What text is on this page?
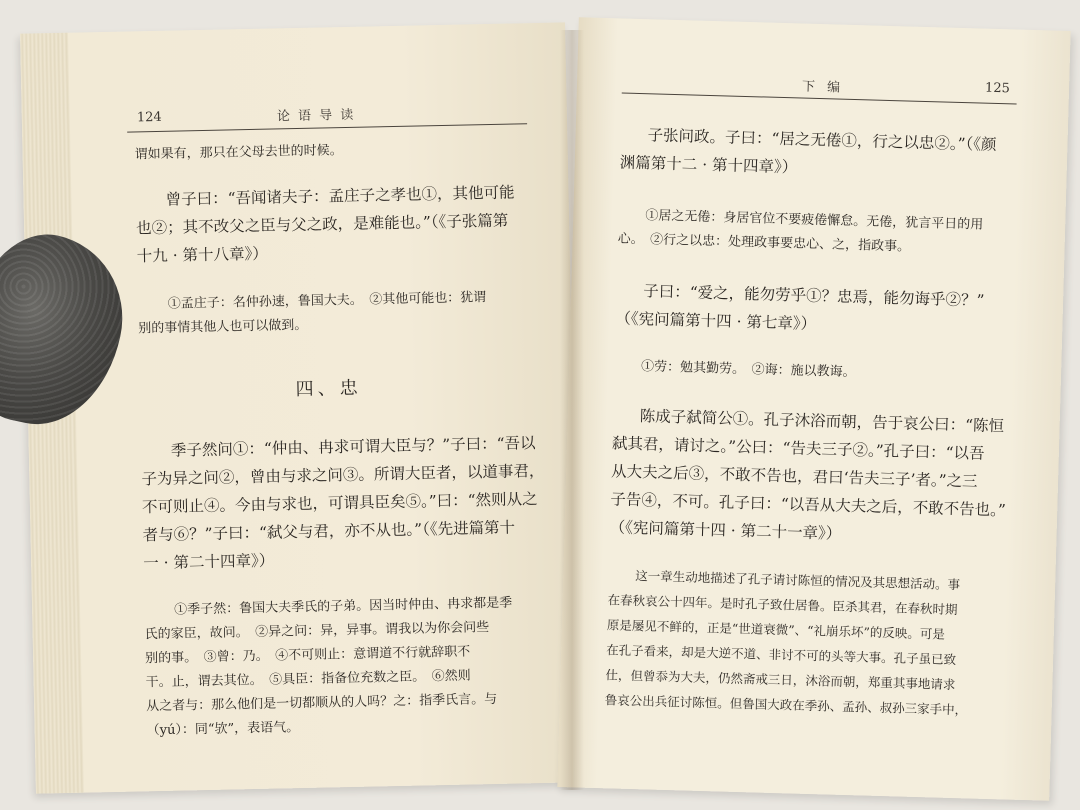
124	论 语 导 读
谓如果有，那只在父母去世的时候。
曾子曰：“吾闻诸夫子：孟庄子之孝也①，其他可能
也②；其不改父之臣与父之政，是难能也。”（《子张篇第
十九 · 第十八章》）
①孟庄子：名仲孙速，鲁国大夫。　②其他可能也：犹谓
别的事情其他人也可以做到。
四、忠
季子然问①：“仲由、冉求可谓大臣与？”子曰：“吾以
子为异之问②，曾由与求之问③。所谓大臣者，以道事君，
不可则止④。今由与求也，可谓具臣矣⑤。”曰：“然则从之
者与⑥？”子曰：“弑父与君，亦不从也。”（《先进篇第十
一 · 第二十四章》）
①季子然：鲁国大夫季氏的子弟。因当时仲由、冉求都是季
氏的家臣，故问。　②异之问：异，异事。谓我以为你会问些
别的事。　③曾：乃。　④不可则止：意谓道不行就辞职不
干。止，谓去其位。　⑤具臣：指备位充数之臣。　⑥然则
从之者与：那么他们是一切都顺从的人吗？之：指季氏言。与
（yú）：同“欤”，表语气。
下 编	125
子张问政。子曰：“居之无倦①，行之以忠②。”（《颜
渊篇第十二 · 第十四章》）
①居之无倦：身居官位不要疲倦懈怠。无倦，犹言平日的用
心。　②行之以忠：处理政事要忠心、之，指政事。
子曰：“爱之，能勿劳乎①？忠焉，能勿诲乎②？”
（《宪问篇第十四 · 第七章》）
①劳：勉其勤劳。　②诲：施以教诲。
陈成子弑简公①。孔子沐浴而朝，告于哀公曰：“陈恒
弑其君，请讨之。”公曰：“告夫三子②。”孔子曰：“以吾
从大夫之后③，不敢不告也，君曰‘告夫三子’者。”之三
子告④，不可。孔子曰：“以吾从大夫之后，不敢不告也。”
（《宪问篇第十四 · 第二十一章》）
这一章生动地描述了孔子请讨陈恒的情况及其思想活动。事
在春秋哀公十四年。是时孔子致仕居鲁。臣杀其君，在春秋时期
原是屡见不鲜的，正是“世道衰微”、“礼崩乐坏”的反映。可是
在孔子看来，却是大逆不道、非讨不可的头等大事。孔子虽已致
仕，但曾忝为大夫，仍然斋戒三日，沐浴而朝，郑重其事地请求
鲁哀公出兵征讨陈恒。但鲁国大政在季孙、孟孙、叔孙三家手中，
